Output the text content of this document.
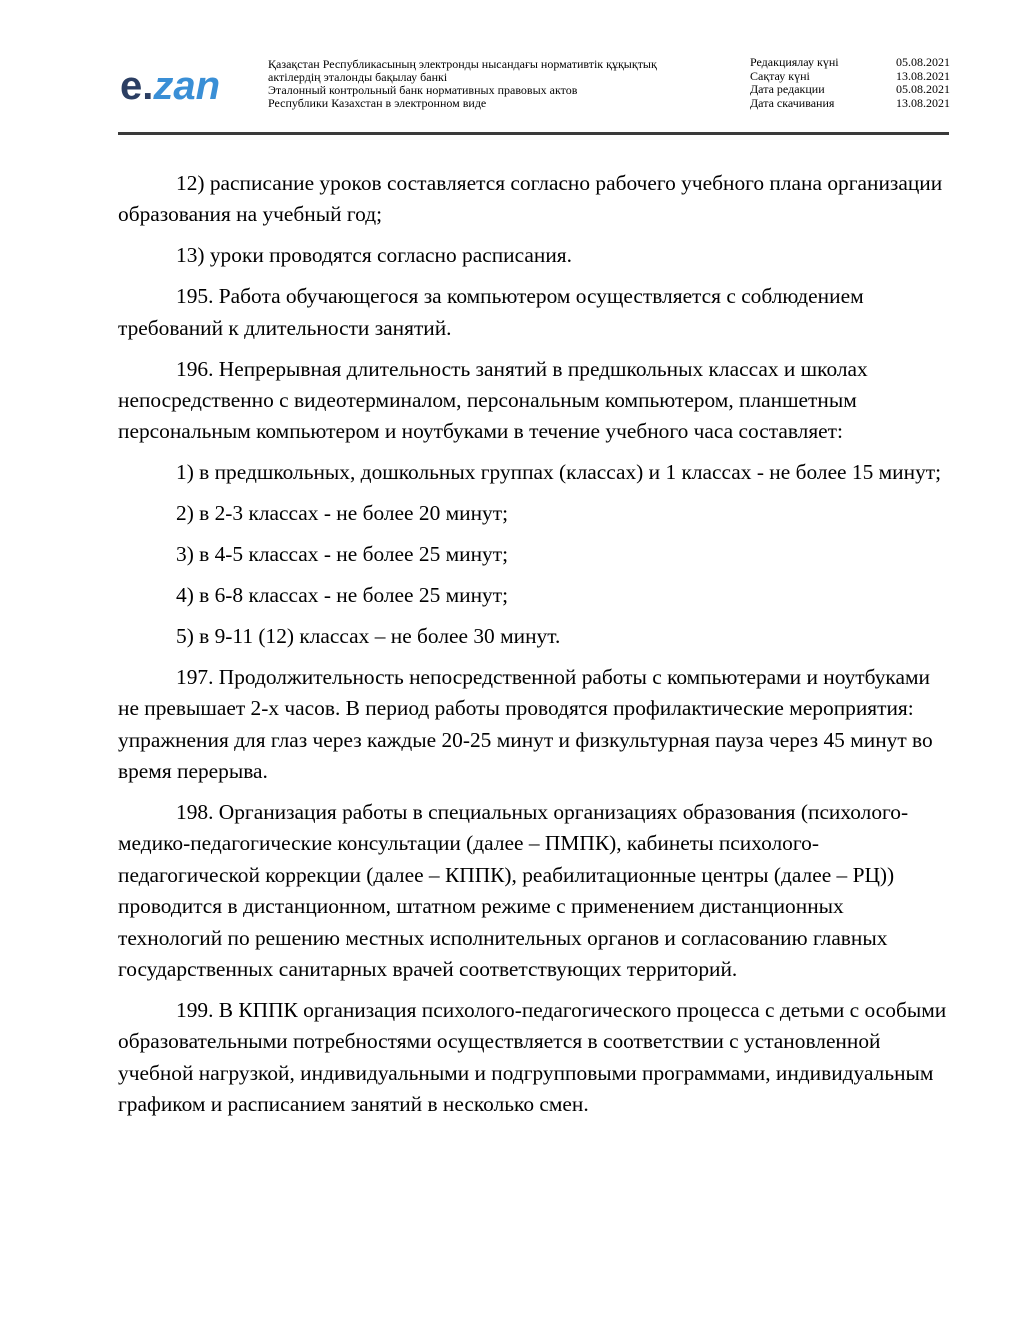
e.zan	Қазақстан Республикасының электронды нысандағы нормативтік құқықтық
актілердің эталонды бақылау банкі
Эталонный контрольный банк нормативных правовых актов
Республики Казахстан в электронном виде
Редакциялау күні	05.08.2021
Сақтау күні	13.08.2021
Дата редакции	05.08.2021
Дата скачивания	13.08.2021

12) расписание уроков составляется согласно рабочего учебного плана организации образования на учебный год;

13) уроки проводятся согласно расписания.

195. Работа обучающегося за компьютером осуществляется с соблюдением требований к длительности занятий.

196. Непрерывная длительность занятий в предшкольных классах и школах непосредственно с видеотерминалом, персональным компьютером, планшетным персональным компьютером и ноутбуками в течение учебного часа составляет:

1) в предшкольных, дошкольных группах (классах) и 1 классах - не более 15 минут;

2) в 2-3 классах - не более 20 минут;

3) в 4-5 классах - не более 25 минут;

4) в 6-8 классах - не более 25 минут;

5) в 9-11 (12) классах – не более 30 минут.

197. Продолжительность непосредственной работы с компьютерами и ноутбуками не превышает 2-х часов. В период работы проводятся профилактические мероприятия: упражнения для глаз через каждые 20-25 минут и физкультурная пауза через 45 минут во время перерыва.

198. Организация работы в специальных организациях образования (психолого-медико-педагогические консультации (далее – ПМПК), кабинеты психолого-педагогической коррекции (далее – КППК), реабилитационные центры (далее – РЦ)) проводится в дистанционном, штатном режиме с применением дистанционных технологий по решению местных исполнительных органов и согласованию главных государственных санитарных врачей соответствующих территорий.

199. В КППК организация психолого-педагогического процесса с детьми с особыми образовательными потребностями осуществляется в соответствии с установленной учебной нагрузкой, индивидуальными и подгрупповыми программами, индивидуальным графиком и расписанием занятий в несколько смен.
